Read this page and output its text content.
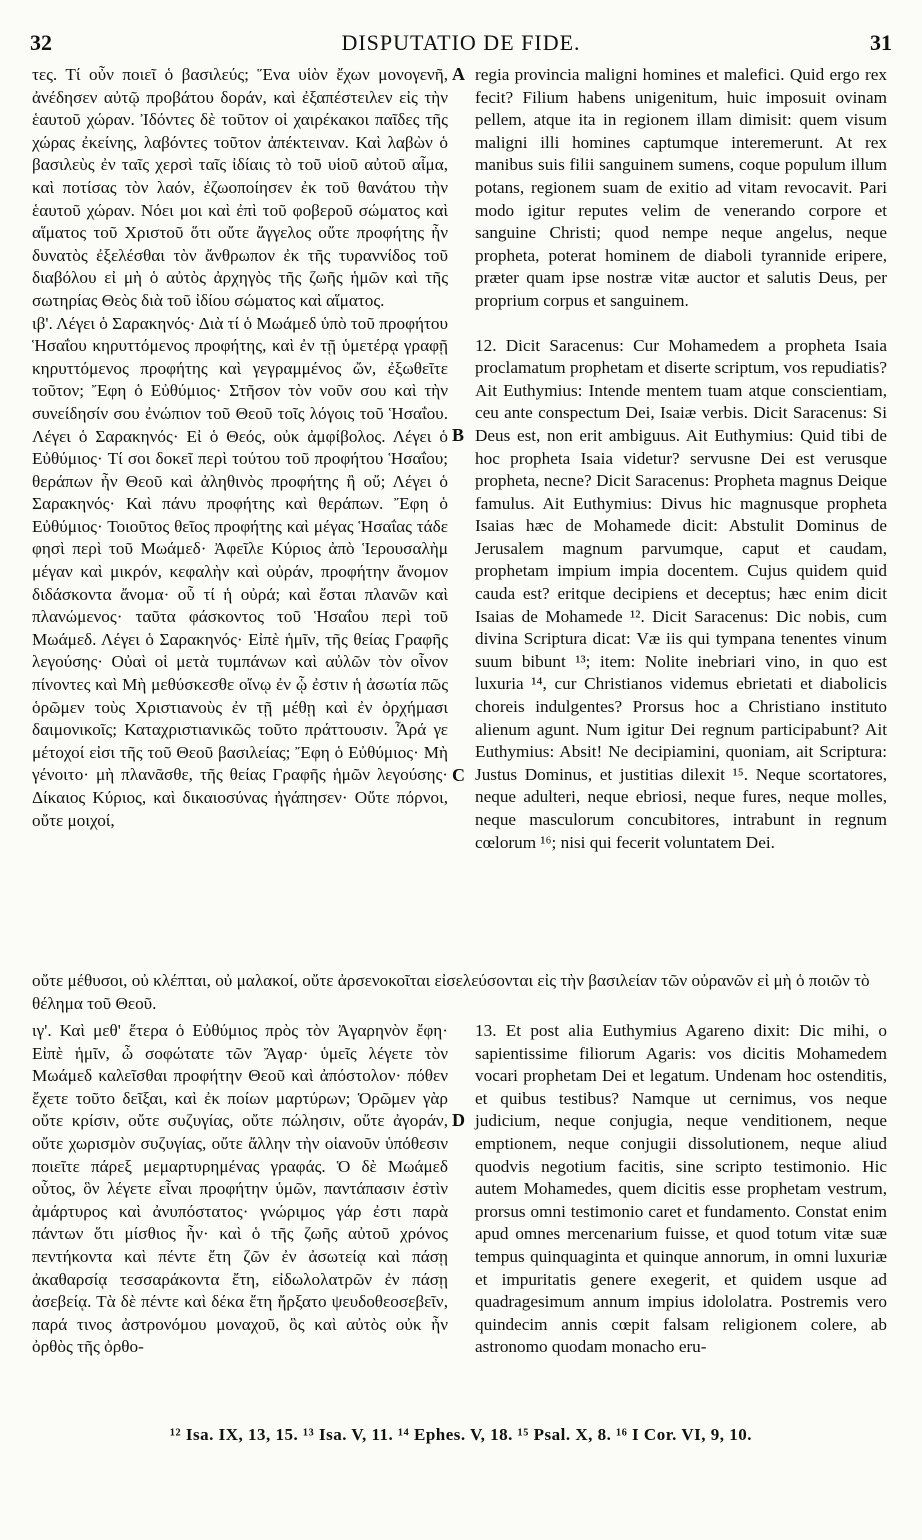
32	DISPUTATIO DE FIDE.	31
A
B
C
D

τες. Τί οὖν ποιεῖ ὁ βασιλεύς; Ἕνα υἱὸν ἔχων μονογενῆ, ἀνέδησεν αὐτῷ προβάτου δοράν, καὶ ἐξαπέστειλεν εἰς τὴν ἑαυτοῦ χώραν. Ἰδόντες δὲ τοῦτον οἱ χαιρέκακοι παῖδες τῆς χώρας ἐκείνης, λαβόντες τοῦτον ἀπέκτειναν. Καὶ λαβὼν ὁ βασιλεὺς ἐν ταῖς χερσὶ ταῖς ἰδίαις τὸ τοῦ υἱοῦ αὐτοῦ αἷμα, καὶ ποτίσας τὸν λαόν, ἐζωοποίησεν ἐκ τοῦ θανάτου τὴν ἑαυτοῦ χώραν. Νόει μοι καὶ ἐπὶ τοῦ φοβεροῦ σώματος καὶ αἵματος τοῦ Χριστοῦ ὅτι οὔτε ἄγγελος οὔτε προφήτης ἦν δυνατὸς ἐξελέσθαι τὸν ἄνθρωπον ἐκ τῆς τυραννίδος τοῦ διαβόλου εἰ μὴ ὁ αὐτὸς ἀρχηγὸς τῆς ζωῆς ἡμῶν καὶ τῆς σωτηρίας Θεὸς διὰ τοῦ ἰδίου σώματος καὶ αἵματος.

ιβ'. Λέγει ὁ Σαρακηνός· Διὰ τί ὁ Μωάμεδ ὑπὸ τοῦ προφήτου Ἡσαΐου κηρυττόμενος προφήτης, καὶ ἐν τῇ ὑμετέρᾳ γραφῇ κηρυττόμενος προφήτης καὶ γεγραμμένος ὤν, ἐξωθεῖτε τοῦτον; Ἔφη ὁ Εὐθύμιος· Στῆσον τὸν νοῦν σου καὶ τὴν συνείδησίν σου ἐνώπιον τοῦ Θεοῦ τοῖς λόγοις τοῦ Ἡσαΐου. Λέγει ὁ Σαρακηνός· Εἰ ὁ Θεός, οὐκ ἀμφίβολος. Λέγει ὁ Εὐθύμιος· Τί σοι δοκεῖ περὶ τούτου τοῦ προφήτου Ἡσαΐου; θεράπων ἦν Θεοῦ καὶ ἀληθινὸς προφήτης ἢ οὔ; Λέγει ὁ Σαρακηνός· Καὶ πάνυ προφήτης καὶ θεράπων. Ἔφη ὁ Εὐθύμιος· Τοιοῦτος θεῖος προφήτης καὶ μέγας Ἡσαΐας τάδε φησὶ περὶ τοῦ Μωάμεδ· Ἀφεῖλε Κύριος ἀπὸ Ἱερουσαλὴμ μέγαν καὶ μικρόν, κεφαλὴν καὶ οὐράν, προφήτην ἄνομον διδάσκοντα ἄνομα· οὗ τί ἡ οὐρά; καὶ ἔσται πλανῶν καὶ πλανώμενος· ταῦτα φάσκοντος τοῦ Ἡσαΐου περὶ τοῦ Μωάμεδ. Λέγει ὁ Σαρακηνός· Εἰπὲ ἡμῖν, τῆς θείας Γραφῆς λεγούσης· Οὐαὶ οἱ μετὰ τυμπάνων καὶ αὐλῶν τὸν οἶνον πίνοντες καὶ Μὴ μεθύσκεσθε οἴνῳ ἐν ᾧ ἐστιν ἡ ἀσωτία πῶς ὁρῶμεν τοὺς Χριστιανοὺς ἐν τῇ μέθῃ καὶ ἐν ὀρχήμασι δαιμονικοῖς; Καταχριστιανικῶς τοῦτο πράττουσιν. Ἆρά γε μέτοχοί εἰσι τῆς τοῦ Θεοῦ βασιλείας; Ἔφη ὁ Εὐθύμιος· Μὴ γένοιτο· μὴ πλανᾶσθε, τῆς θείας Γραφῆς ἡμῶν λεγούσης· Δίκαιος Κύριος, καὶ δικαιοσύνας ἠγάπησεν· Οὔτε πόρνοι, οὔτε μοιχοί,

regia provincia maligni homines et malefici. Quid ergo rex fecit? Filium habens unigenitum, huic imposuit ovinam pellem, atque ita in regionem illam dimisit: quem visum maligni illi homines captumque interemerunt. At rex manibus suis filii sanguinem sumens, coque populum illum potans, regionem suam de exitio ad vitam revocavit. Pari modo igitur reputes velim de venerando corpore et sanguine Christi; quod nempe neque angelus, neque propheta, poterat hominem de diaboli tyrannide eripere, præter quam ipse nostræ vitæ auctor et salutis Deus, per proprium corpus et sanguinem.

12. Dicit Saracenus: Cur Mohamedem a propheta Isaia proclamatum prophetam et diserte scriptum, vos repudiatis? Ait Euthymius: Intende mentem tuam atque conscientiam, ceu ante conspectum Dei, Isaiæ verbis. Dicit Saracenus: Si Deus est, non erit ambiguus. Ait Euthymius: Quid tibi de hoc propheta Isaia videtur? servusne Dei est verusque propheta, necne? Dicit Saracenus: Propheta magnus Deique famulus. Ait Euthymius: Divus hic magnusque propheta Isaias hæc de Mohamede dicit: Abstulit Dominus de Jerusalem magnum parvumque, caput et caudam, prophetam impium impia docentem. Cujus quidem quid cauda est? eritque decipiens et deceptus; hæc enim dicit Isaias de Mohamede ¹². Dicit Saracenus: Dic nobis, cum divina Scriptura dicat: Væ iis qui tympana tenentes vinum suum bibunt ¹³; item: Nolite inebriari vino, in quo est luxuria ¹⁴, cur Christianos videmus ebrietati et diabolicis choreis indulgentes? Prorsus hoc a Christiano instituto alienum agunt. Num igitur Dei regnum participabunt? Ait Euthymius: Absit! Ne decipiamini, quoniam, ait Scriptura: Justus Dominus, et justitias dilexit ¹⁵. Neque scortatores, neque adulteri, neque ebriosi, neque fures, neque molles, neque masculorum concubitores, intrabunt in regnum cœlorum ¹⁶; nisi qui fecerit voluntatem Dei.

οὔτε μέθυσοι, οὐ κλέπται, οὐ μαλακοί, οὔτε ἀρσενοκοῖται εἰσελεύσονται εἰς τὴν βασιλείαν τῶν οὐρανῶν εἰ μὴ ὁ ποιῶν τὸ θέλημα τοῦ Θεοῦ.

ιγ'. Καὶ μεθ' ἕτερα ὁ Εὐθύμιος πρὸς τὸν Ἀγαρηνὸν ἔφη· Εἰπὲ ἡμῖν, ὦ σοφώτατε τῶν Ἄγαρ· ὑμεῖς λέγετε τὸν Μωάμεδ καλεῖσθαι προφήτην Θεοῦ καὶ ἀπόστολον· πόθεν ἔχετε τοῦτο δεῖξαι, καὶ ἐκ ποίων μαρτύρων; Ὁρῶμεν γὰρ οὔτε κρίσιν, οὔτε συζυγίας, οὔτε πώλησιν, οὔτε ἀγοράν, οὔτε χωρισμὸν συζυγίας, οὔτε ἄλλην τὴν οἱανοῦν ὑπόθεσιν ποιεῖτε πάρεξ μεμαρτυρημένας γραφάς. Ὁ δὲ Μωάμεδ οὗτος, ὃν λέγετε εἶναι προφήτην ὑμῶν, παντάπασιν ἐστὶν ἀμάρτυρος καὶ ἀνυπόστατος· γνώριμος γάρ ἐστι παρὰ πάντων ὅτι μίσθιος ἦν· καὶ ὁ τῆς ζωῆς αὐτοῦ χρόνος πεντήκοντα καὶ πέντε ἔτη ζῶν ἐν ἀσωτείᾳ καὶ πάσῃ ἀκαθαρσίᾳ τεσσαράκοντα ἔτη, εἰδωλολατρῶν ἐν πάσῃ ἀσεβείᾳ. Τὰ δὲ πέντε καὶ δέκα ἔτη ἤρξατο ψευδοθεοσεβεῖν, παρά τινος ἀστρονόμου μοναχοῦ, ὃς καὶ αὐτὸς οὐκ ἦν ὀρθὸς τῆς ὀρθο-

13. Et post alia Euthymius Agareno dixit: Dic mihi, o sapientissime filiorum Agaris: vos dicitis Mohamedem vocari prophetam Dei et legatum. Undenam hoc ostenditis, et quibus testibus? Namque ut cernimus, vos neque judicium, neque conjugia, neque venditionem, neque emptionem, neque conjugii dissolutionem, neque aliud quodvis negotium facitis, sine scripto testimonio. Hic autem Mohamedes, quem dicitis esse prophetam vestrum, prorsus omni testimonio caret et fundamento. Constat enim apud omnes mercenarium fuisse, et quod totum vitæ suæ tempus quinquaginta et quinque annorum, in omni luxuriæ et impuritatis genere exegerit, et quidem usque ad quadragesimum annum impius idololatra. Postremis vero quindecim annis cœpit falsam religionem colere, ab astronomo quodam monacho eru-

¹² Isa. IX, 13, 15. ¹³ Isa. V, 11. ¹⁴ Ephes. V, 18. ¹⁵ Psal. X, 8. ¹⁶ I Cor. VI, 9, 10.
